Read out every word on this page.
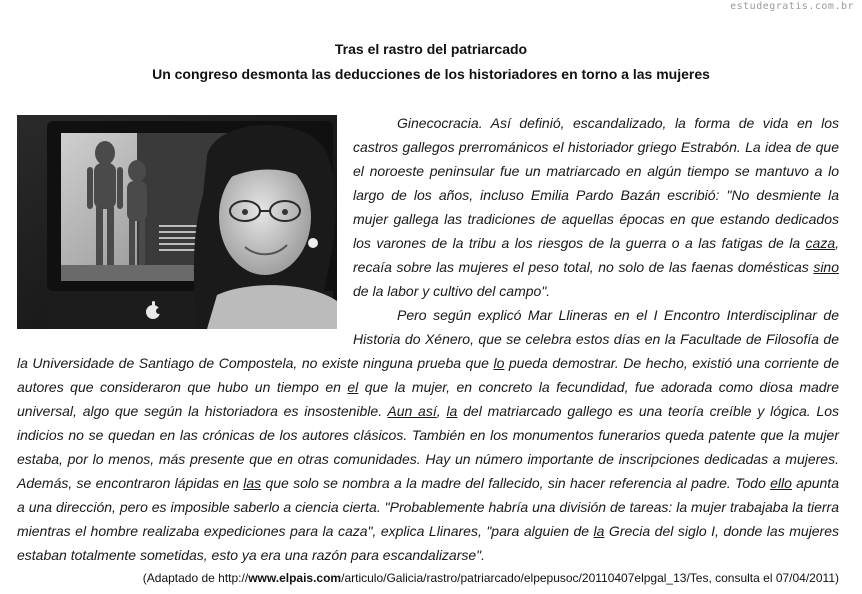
estudegratis.com.br
Tras el rastro del patriarcado
Un congreso desmonta las deducciones de los historiadores en torno a las mujeres

Ginecocracia. Así definió, escandalizado, la forma de vida en los castros gallegos prerrománicos el historiador griego Estrabón. La idea de que el noroeste peninsular fue un matriarcado en algún tiempo se mantuvo a lo largo de los años, incluso Emilia Pardo Bazán escribió: "No desmiente la mujer gallega las tradiciones de aquellas épocas en que estando dedicados los varones de la tribu a los riesgos de la guerra o a las fatigas de la caza, recaía sobre las mujeres el peso total, no solo de las faenas domésticas sino de la labor y cultivo del campo".

Pero según explicó Mar Llineras en el I Encontro Interdisciplinar de Historia do Xénero, que se celebra estos días en la Facultade de Filosofía de la Universidade de Santiago de Compostela, no existe ninguna prueba que lo pueda demostrar. De hecho, existió una corriente de autores que consideraron que hubo un tiempo en el que la mujer, en concreto la fecundidad, fue adorada como diosa madre universal, algo que según la historiadora es insostenible. Aun así, la del matriarcado gallego es una teoría creíble y lógica. Los indicios no se quedan en las crónicas de los autores clásicos. También en los monumentos funerarios queda patente que la mujer estaba, por lo menos, más presente que en otras comunidades. Hay un número importante de inscripciones dedicadas a mujeres. Además, se encontraron lápidas en las que solo se nombra a la madre del fallecido, sin hacer referencia al padre. Todo ello apunta a una dirección, pero es imposible saberlo a ciencia cierta. "Probablemente habría una división de tareas: la mujer trabajaba la tierra mientras el hombre realizaba expediciones para la caza", explica Llinares, "para alguien de la Grecia del siglo I, donde las mujeres estaban totalmente sometidas, esto ya era una razón para escandalizarse".

(Adaptado de http://www.elpais.com/articulo/Galicia/rastro/patriarcado/elpepusoc/20110407elpgal_13/Tes, consulta el 07/04/2011)
